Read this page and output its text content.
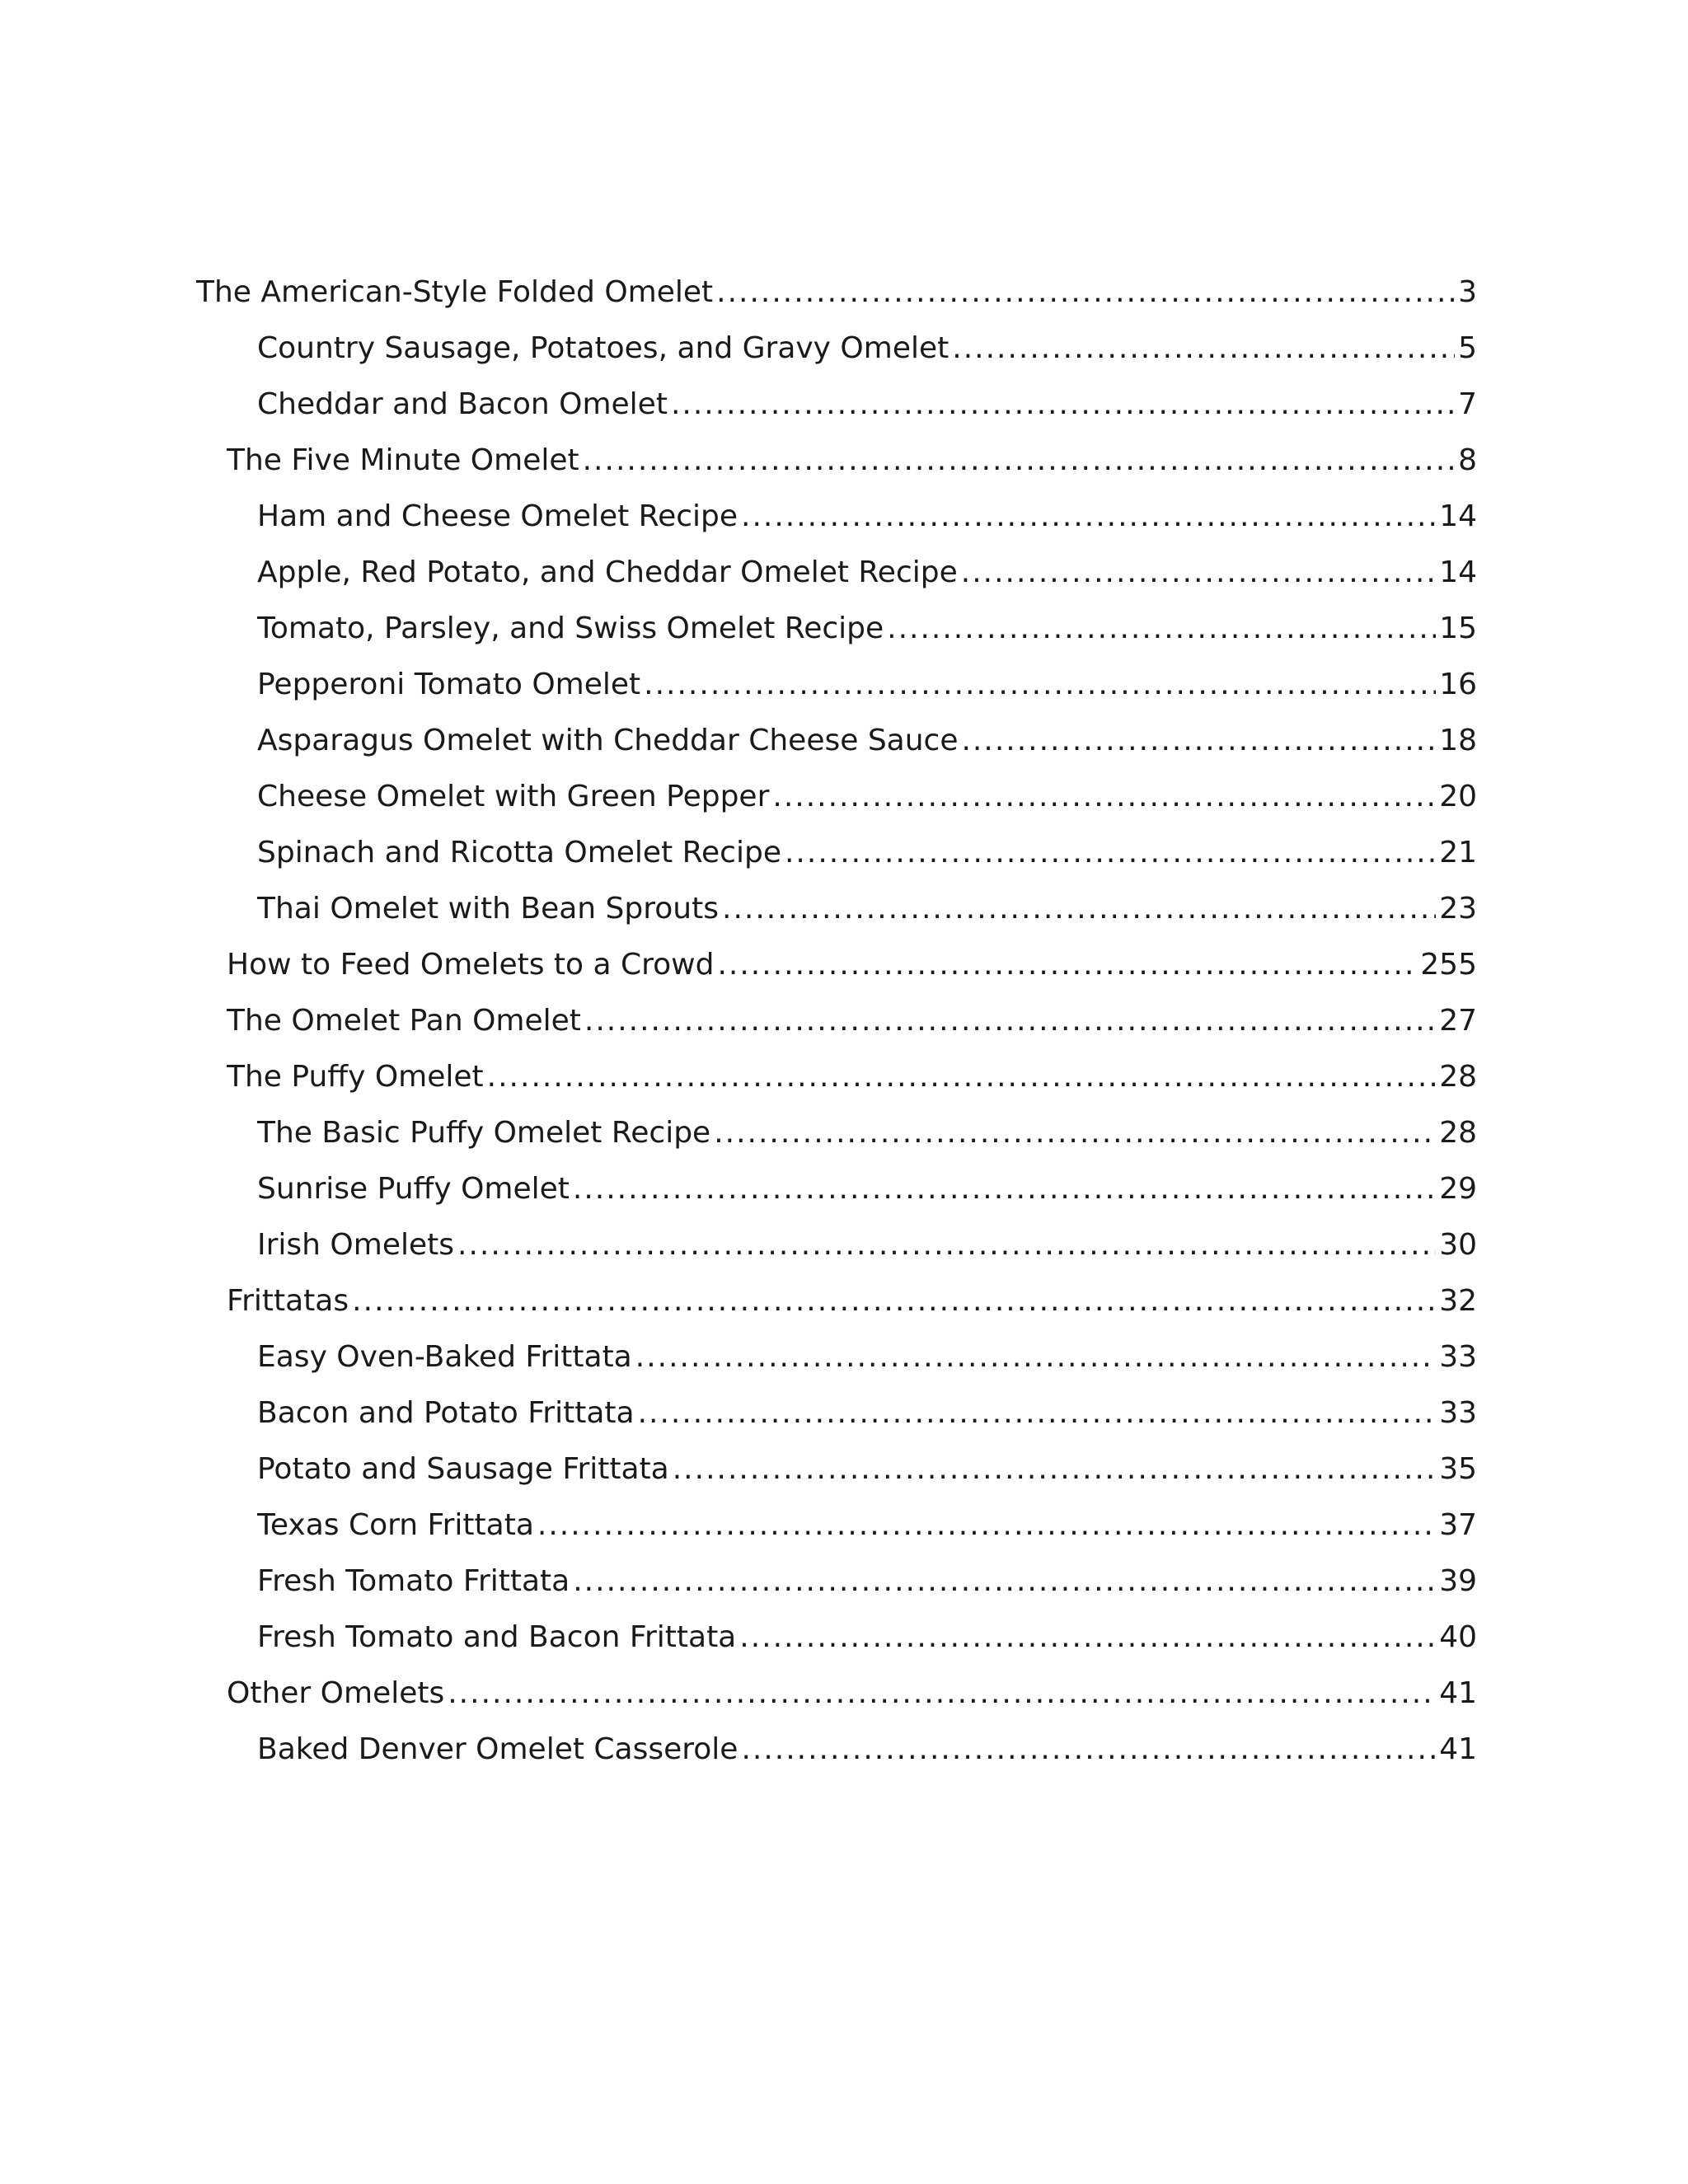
The American-Style Folded Omelet .....	3
Country Sausage, Potatoes, and Gravy Omelet .....	5
Cheddar and Bacon Omelet .....	7
The Five Minute Omelet .....	8
Ham and Cheese Omelet Recipe .....	14
Apple, Red Potato, and Cheddar Omelet Recipe .....	14
Tomato, Parsley, and Swiss Omelet Recipe .....	15
Pepperoni Tomato Omelet .....	16
Asparagus Omelet with Cheddar Cheese Sauce .....	18
Cheese Omelet with Green Pepper .....	20
Spinach and Ricotta Omelet Recipe .....	21
Thai Omelet with Bean Sprouts .....	23
How to Feed Omelets to a Crowd .....	255
The Omelet Pan Omelet .....	27
The Puffy Omelet .....	28
The Basic Puffy Omelet Recipe .....	28
Sunrise Puffy Omelet .....	29
Irish Omelets .....	30
Frittatas .....	32
Easy Oven-Baked Frittata .....	33
Bacon and Potato Frittata .....	33
Potato and Sausage Frittata .....	35
Texas Corn Frittata .....	37
Fresh Tomato Frittata .....	39
Fresh Tomato and Bacon Frittata .....	40
Other Omelets .....	41
Baked Denver Omelet Casserole .....	41
